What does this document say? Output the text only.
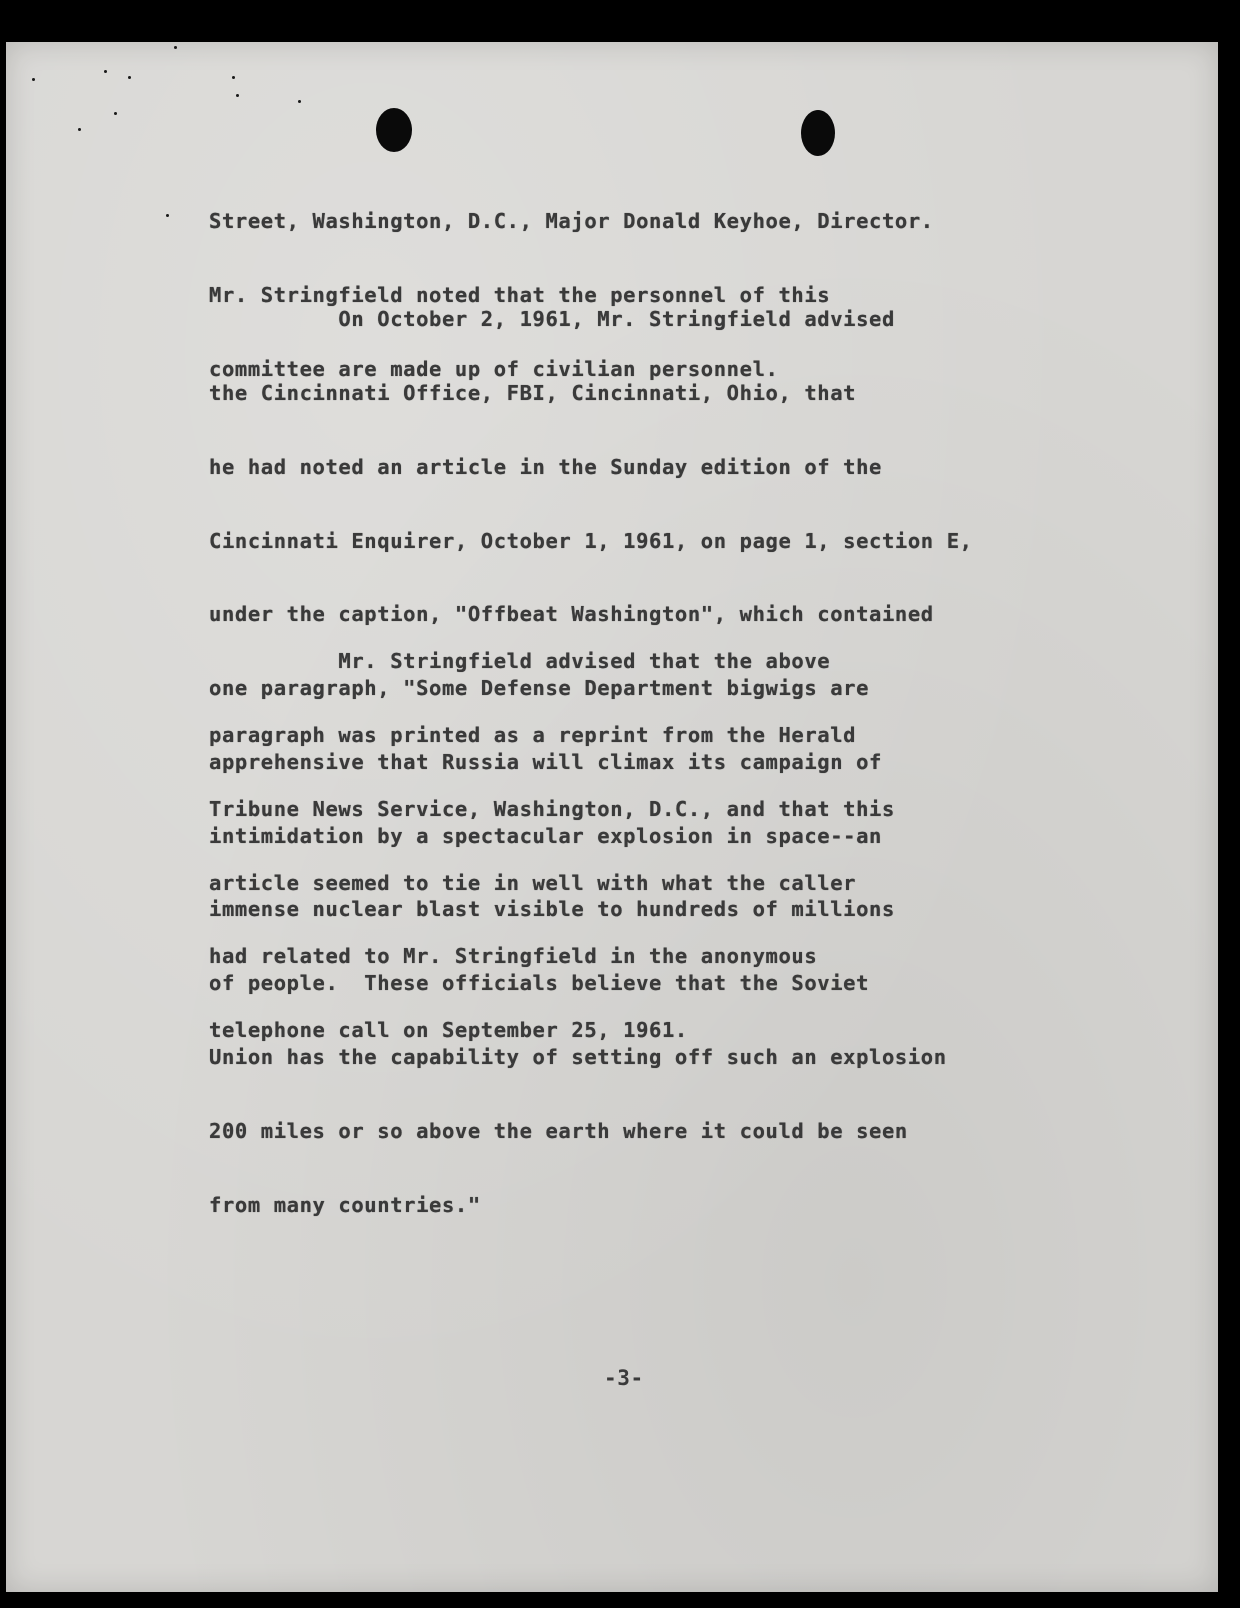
Street, Washington, D.C., Major Donald Keyhoe, Director.

Mr. Stringfield noted that the personnel of this

committee are made up of civilian personnel.

On October 2, 1961, Mr. Stringfield advised

the Cincinnati Office, FBI, Cincinnati, Ohio, that

he had noted an article in the Sunday edition of the

Cincinnati Enquirer, October 1, 1961, on page 1, section E,

under the caption, "Offbeat Washington", which contained

one paragraph, "Some Defense Department bigwigs are

apprehensive that Russia will climax its campaign of

intimidation by a spectacular explosion in space--an

immense nuclear blast visible to hundreds of millions

of people.  These officials believe that the Soviet

Union has the capability of setting off such an explosion

200 miles or so above the earth where it could be seen

from many countries."

Mr. Stringfield advised that the above

paragraph was printed as a reprint from the Herald

Tribune News Service, Washington, D.C., and that this

article seemed to tie in well with what the caller

had related to Mr. Stringfield in the anonymous

telephone call on September 25, 1961.

-3-
